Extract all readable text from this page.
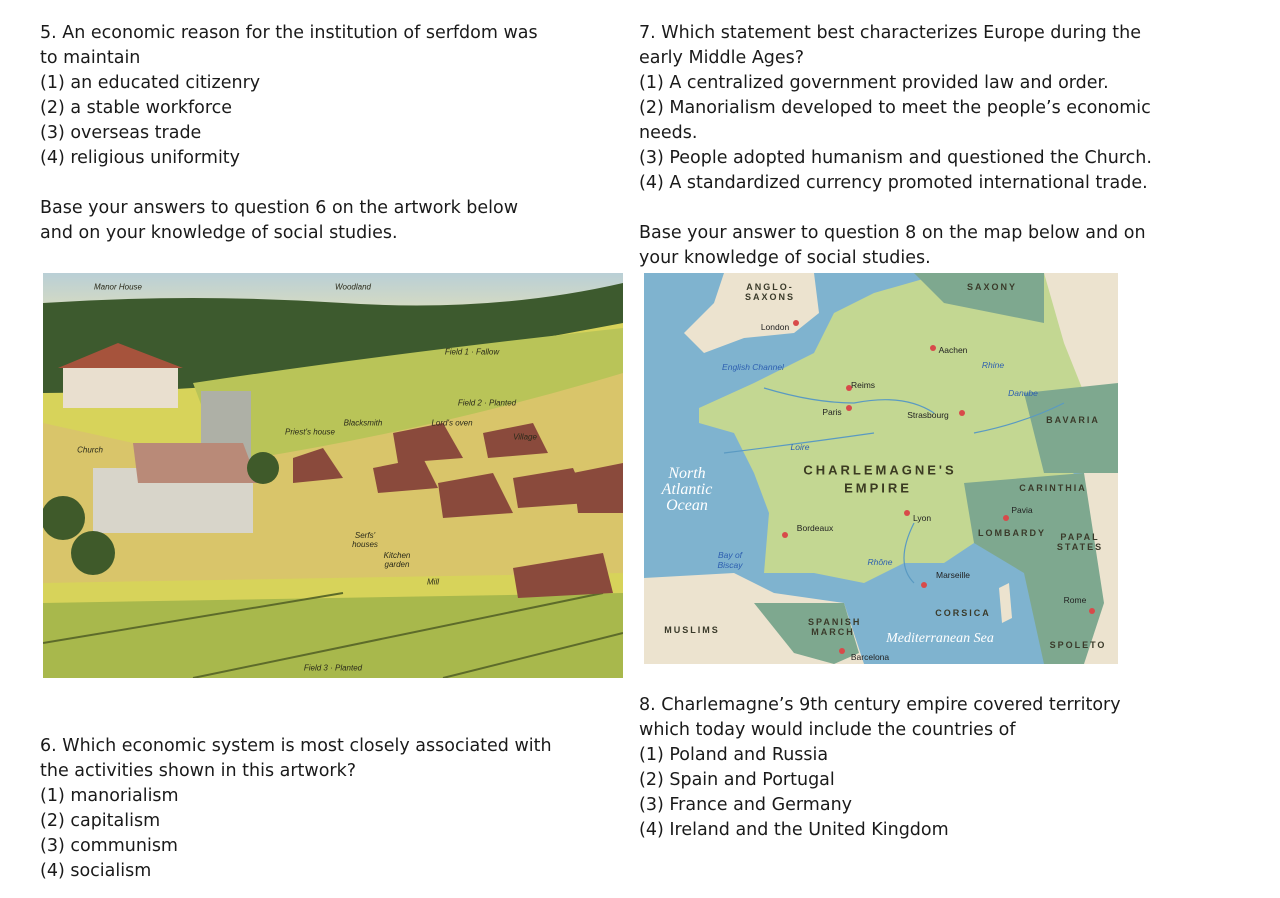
5. An economic reason for the institution of serfdom was

to maintain

(1) an educated citizenry

(2) a stable workforce

(3) overseas trade

(4) religious uniformity

Base your answers to question 6 on the artwork below

and on your knowledge of social studies.

Manor House	Woodland
Field 1 · Fallow
Field 2 · Planted
Blacksmith	Lord's oven
Priest's house
Village
Church
Serfs' houses
Kitchen garden
Mill
Field 3 · Planted

6. Which economic system is most closely associated with

the activities shown in this artwork?

(1) manorialism

(2) capitalism

(3) communism

(4) socialism

7. Which statement best characterizes Europe during the

early Middle Ages?

(1) A centralized government provided law and order.

(2) Manorialism developed to meet the people’s economic

needs.

(3) People adopted humanism and questioned the Church.

(4) A standardized currency promoted international trade.

Base your answer to question 8 on the map below and on

your knowledge of social studies.

ANGLO-SAXONS
SAXONY
BAVARIA
CARINTHIA
LOMBARDY	PAPAL STATES
CORSICA
SPANISH MARCH
MUSLIMS
SPOLETO
CHARLEMAGNE'S
EMPIRE
London
Aachen
Reims
Paris	Strasbourg
Lyon
Bordeaux
Pavia
Marseille
Rome
Barcelona
English Channel	Rhine
Danube
Loire
Rhône
Bay of Biscay
North Atlantic Ocean
Mediterranean Sea

8. Charlemagne’s 9th century empire covered territory

which today would include the countries of

(1) Poland and Russia

(2) Spain and Portugal

(3) France and Germany

(4) Ireland and the United Kingdom
